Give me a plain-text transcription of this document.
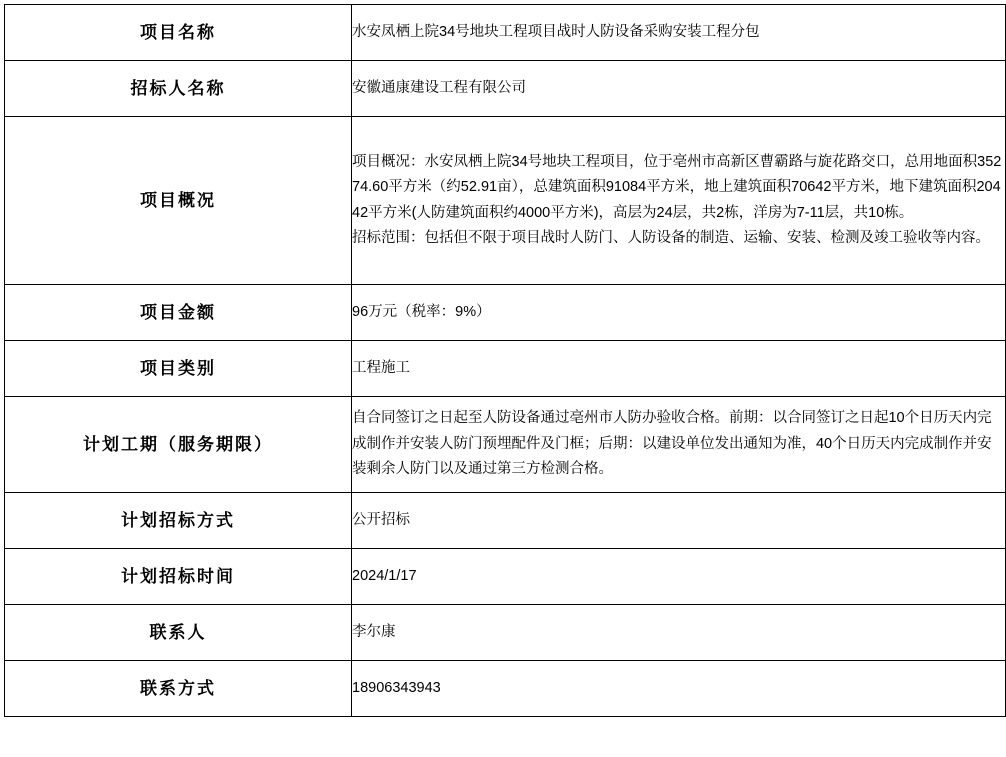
项目名称	水安凤栖上院34号地块工程项目战时人防设备采购安装工程分包

招标人名称	安徽通康建设工程有限公司

项目概况	项目概况：水安凤栖上院34号地块工程项目，位于亳州市高新区曹霸路与旋花路交口，总用地面积35274.60平方米（约52.91亩），总建筑面积91084平方米，地上建筑面积70642平方米，地下建筑面积20442平方米(人防建筑面积约4000平方米)，高层为24层，共2栋，洋房为7-11层，共10栋。
招标范围：包括但不限于项目战时人防门、人防设备的制造、运输、安装、检测及竣工验收等内容。

项目金额	96万元（税率：9%）

项目类别	工程施工

计划工期（服务期限）	自合同签订之日起至人防设备通过亳州市人防办验收合格。前期：以合同签订之日起10个日历天内完成制作并安装人防门预埋配件及门框；后期：以建设单位发出通知为准，40个日历天内完成制作并安装剩余人防门以及通过第三方检测合格。

计划招标方式	公开招标

计划招标时间	2024/1/17

联系人	李尔康

联系方式	18906343943
